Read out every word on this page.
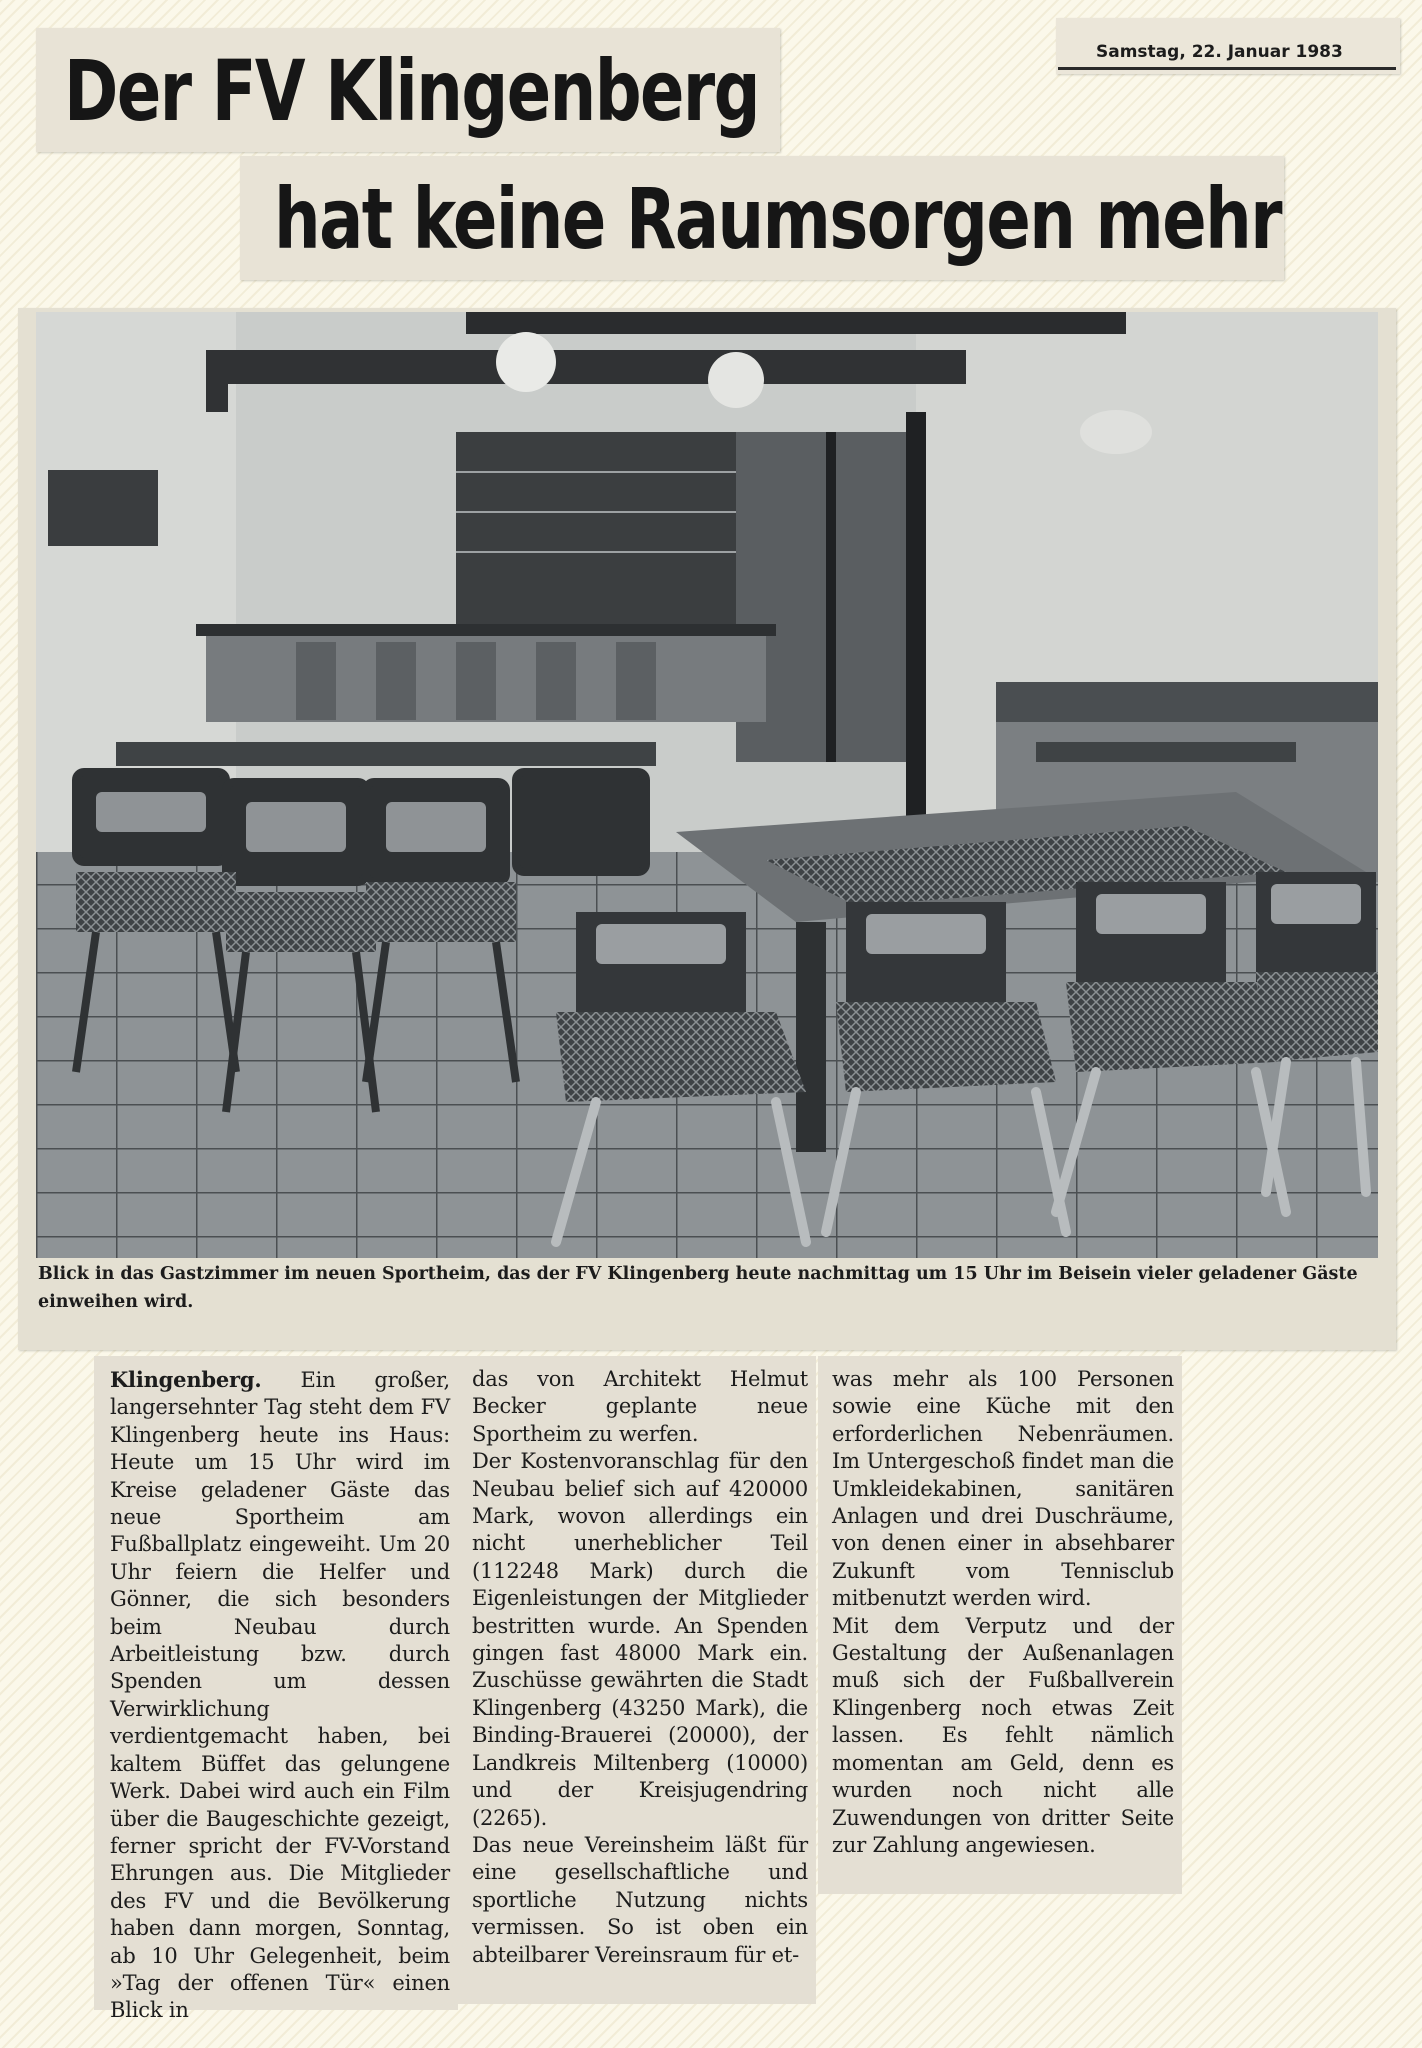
Samstag, 22. Januar 1983
Der FV Klingenberg
hat keine Raumsorgen mehr
Blick in das Gastzimmer im neuen Sportheim, das der FV Klingenberg heute nachmittag um 15 Uhr im Beisein vieler geladener Gäste einweihen wird.

Klingenberg. Ein großer, langersehnter Tag steht dem FV Klingenberg heute ins Haus: Heute um 15 Uhr wird im Kreise geladener Gäste das neue Sportheim am Fußballplatz eingeweiht. Um 20 Uhr feiern die Helfer und Gönner, die sich besonders beim Neubau durch Arbeitleistung bzw. durch Spenden um dessen Verwirklichung verdientgemacht haben, bei kaltem Büffet das gelungene Werk. Dabei wird auch ein Film über die Baugeschichte gezeigt, ferner spricht der FV-Vorstand Ehrungen aus. Die Mitglieder des FV und die Bevölkerung haben dann morgen, Sonntag, ab 10 Uhr Gelegenheit, beim »Tag der offenen Tür« einen Blick in

das von Architekt Helmut Becker geplante neue Sportheim zu werfen.

Der Kostenvoranschlag für den Neubau belief sich auf 420000 Mark, wovon allerdings ein nicht unerheblicher Teil (112248 Mark) durch die Eigenleistungen der Mitglieder bestritten wurde. An Spenden gingen fast 48000 Mark ein. Zuschüsse gewährten die Stadt Klingenberg (43250 Mark), die Binding-Brauerei (20000), der Landkreis Miltenberg (10000) und der Kreisjugendring (2265).

Das neue Vereinsheim läßt für eine gesellschaftliche und sportliche Nutzung nichts vermissen. So ist oben ein abteilbarer Vereinsraum für et-

was mehr als 100 Personen sowie eine Küche mit den erforderlichen Nebenräumen. Im Untergeschoß findet man die Umkleidekabinen, sanitären Anlagen und drei Duschräume, von denen einer in absehbarer Zukunft vom Tennisclub mitbenutzt werden wird.

Mit dem Verputz und der Gestaltung der Außenanlagen muß sich der Fußballverein Klingenberg noch etwas Zeit lassen. Es fehlt nämlich momentan am Geld, denn es wurden noch nicht alle Zuwendungen von dritter Seite zur Zahlung angewiesen.
